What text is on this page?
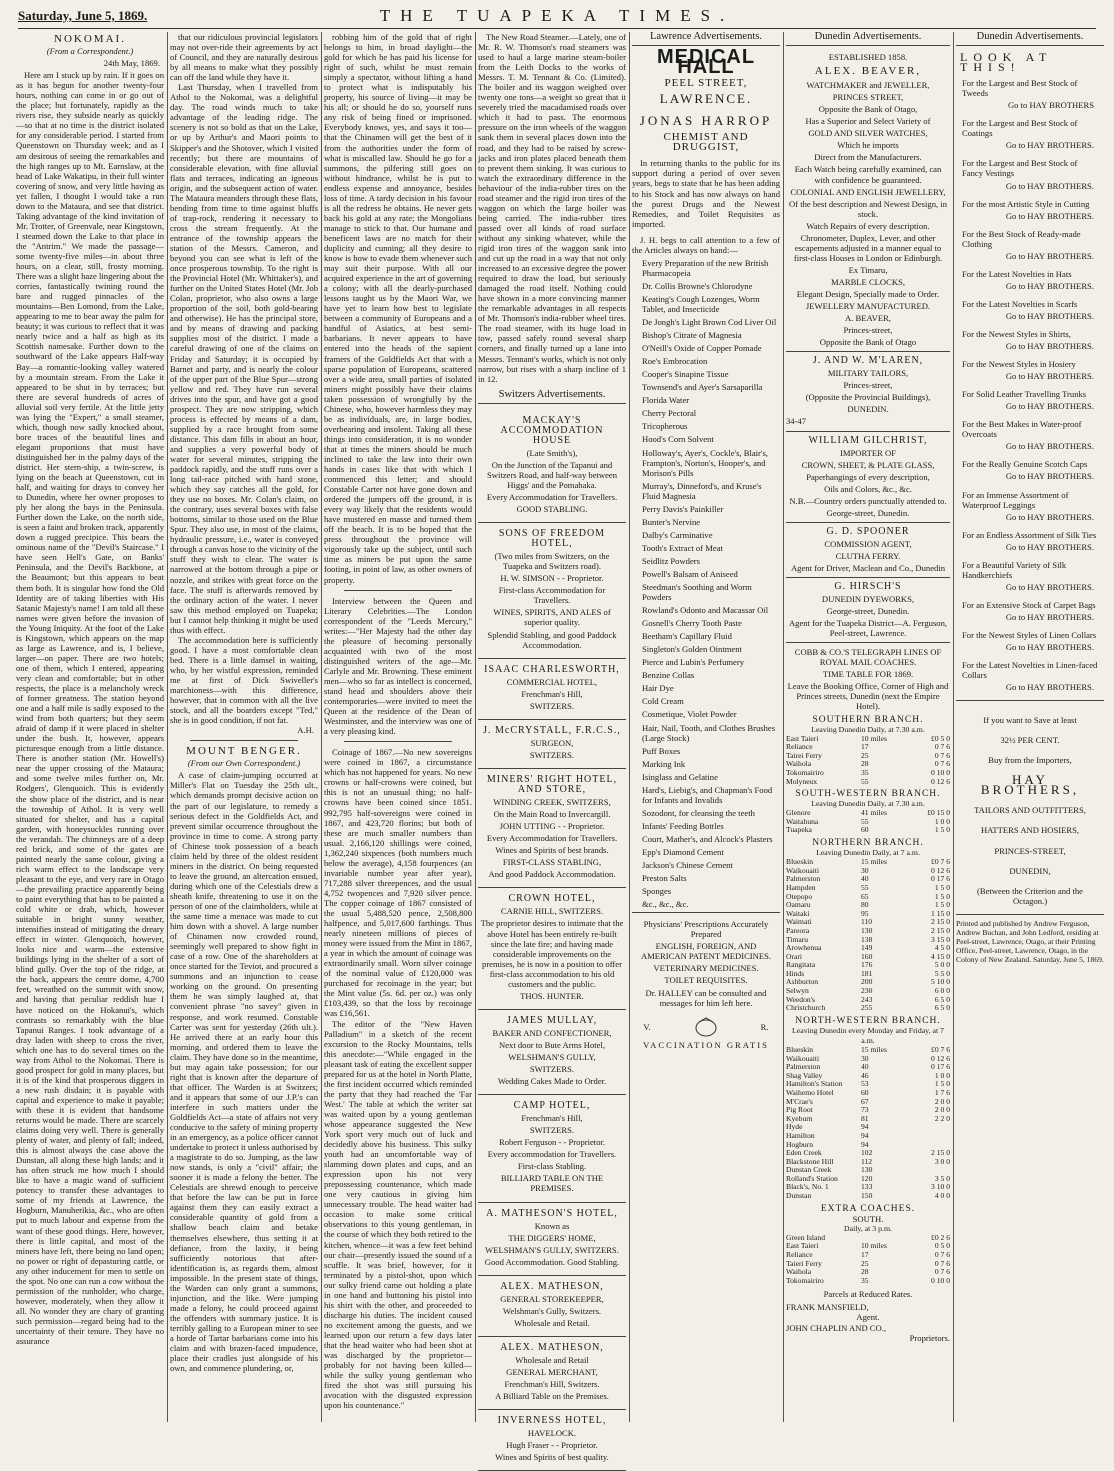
Saturday, June 5, 1869.	THE TUAPEKA TIMES.
NOKOMAI.
(From a Correspondent.)
24th May, 1869.

Here am I stuck up by rain. If it goes on as it has begun for another twenty-four hours, nothing can come in or go out of the place; but fortunately, rapidly as the rivers rise, they subside nearly as quickly—so that at no time is the district isolated for any considerable period. I started from Queenstown on Thursday week; and as I am desirous of seeing the remarkables and the high ranges up to Mt. Earnslaw, at the head of Lake Wakatipu, in their full winter covering of snow, and very little having as yet fallen, I thought I would take a run down to the Mataura, and see that district. Taking advantage of the kind invitation of Mr. Trotter, of Greenvale, near Kingstown, I steamed down the Lake to that place in the "Antrim." We made the passage—some twenty-five miles—in about three hours, on a clear, still, frosty morning. There was a slight haze lingering about the corries, fantastically twining round the bare and rugged pinnacles of the mountains—Ben Lomond, from the Lake, appearing to me to bear away the palm for beauty; it was curious to reflect that it was nearly twice and a half as high as its Scottish namesake. Further down to the southward of the Lake appears Half-way Bay—a romantic-looking valley watered by a mountain stream. From the Lake it appeared to be shut in by terraces; but there are several hundreds of acres of alluvial soil very fertile. At the little jetty was lying the "Expert," a small steamer, which, though now sadly knocked about, bore traces of the beautiful lines and elegant proportions that must have distinguished her in the palmy days of the district. Her stern-ship, a twin-screw, is lying on the beach at Queenstown, cut in half, and waiting for drays to convey her to Dunedin, where her owner proposes to ply her along the bays in the Peninsula. Further down the Lake, on the north side, is seen a faint and broken track, apparently down a rugged precipice. This bears the ominous name of the "Devil's Staircase." I have seen Hell's Gate, on Banks' Peninsula, and the Devil's Backbone, at the Beaumont; but this appears to beat them both. It is singular how fond the Old Identity are of taking liberties with His Satanic Majesty's name! I am told all these names were given before the invasion of the Young Iniquity. At the foot of the Lake is Kingstown, which appears on the map as large as Lawrence, and is, I believe, larger—on paper. There are two hotels; one of them, which I entered, appearing very clean and comfortable; but in other respects, the place is a melancholy wreck of former greatness. The station beyond one and a half mile is sadly exposed to the wind from both quarters; but they seem afraid of damp if it were placed in shelter under the bush. It, however, appears picturesque enough from a little distance. There is another station (Mr. Howell's) near the upper crossing of the Mataura; and some twelve miles further on, Mr. Rodgers', Glenquoich. This is evidently the show place of the district, and is near the township of Athol. It is very well situated for shelter, and has a capital garden, with honeysuckles running over the verandah. The chimneys are of a deep red brick, and some of the gates are painted nearly the same colour, giving a rich warm effect to the landscape very pleasant to the eye, and very rare in Otago—the prevailing practice apparently being to paint everything that has to be painted a cold white or drab, which, however suitable in bright sunny weather, intensifies instead of mitigating the dreary effect in winter. Glenquoich, however, looks nice and warm—the extensive buildings lying in the shelter of a sort of blind gully. Over the top of the ridge, at the back, appears the centre dome, 4,700 feet, wreathed on the summit with snow, and having that peculiar reddish hue I have noticed on the Hokanui's, which contrasts so remarkably with the blue Tapanui Ranges. I took advantage of a dray laden with sheep to cross the river, which one has to do several times on the way from Athol to the Nokomai. There is good prospect for gold in many places, but it is of the kind that prosperous diggers in a new rush disdain; it is payable with capital and experience to make it payable; with these it is evident that handsome returns would be made. There are scarcely claims doing very well. There is generally plenty of water, and plenty of fall; indeed, this is almost always the case above the Dunstan, all along these high lands; and it has often struck me how much I should like to have a magic wand of sufficient potency to transfer these advantages to some of my friends at Lawrence, the Hogburn, Manuherikia, &c., who are often put to much labour and expense from the want of these good things. Here, however, there is little capital, and most of the miners have left, there being no land open; no power or right of depasturing cattle, or any other inducement for men to settle on the spot. No one can run a cow without the permission of the runholder, who charge, however, moderately, when they allow it all. No wonder they are chary of granting such permission—regard being had to the uncertainty of their tenure. They have no assurance

that our ridiculous provincial legislators may not over-ride their agreements by act of Council, and they are naturally desirous by all means to make what they possibly can off the land while they have it.

Last Thursday, when I travelled from Athol to the Nokomai, was a delightful day. The road winds much to take advantage of the leading ridge. The scenery is not so bold as that on the Lake, or up by Arthur's and Maori points to Skipper's and the Shotover, which I visited recently; but there are mountains of considerable elevation, with fine alluvial flats and terraces, indicating an igneous origin, and the subsequent action of water. The Mataura meanders through these flats, bending from time to time against bluffs of trap-rock, rendering it necessary to cross the stream frequently. At the entrance of the township appears the station of the Messrs. Cameron, and beyond you can see what is left of the once prosperous township. To the right is the Provincial Hotel (Mr. Whittaker's), and further on the United States Hotel (Mr. Job Colan, proprietor, who also owns a large proportion of the soil, both gold-bearing and otherwise). He has the principal store, and by means of drawing and packing supplies most of the district. I made a careful drawing of one of the claims on Friday and Saturday; it is occupied by Barnet and party, and is nearly the colour of the upper part of the Blue Spur—strong yellow and red. They have run several drives into the spur, and have got a good prospect. They are now stripping, which process is effected by means of a dam, supplied by a race brought from some distance. This dam fills in about an hour, and supplies a very powerful body of water for several minutes, stripping the paddock rapidly, and the stuff runs over a long tail-race pitched with hard stone, which they say catches all the gold, for they use no boxes. Mr. Colan's claim, on the contrary, uses several boxes with false bottoms, similar to those used on the Blue Spur. They also use, in most of the claims, hydraulic pressure, i.e., water is conveyed through a canvas hose to the vicinity of the stuff they wish to clear. The water is narrowed at the bottom through a pipe or nozzle, and strikes with great force on the face. The stuff is afterwards removed by the ordinary action of the water. I never saw this method employed on Tuapeka; but I cannot help thinking it might be used thus with effect.

The accommodation here is sufficiently good. I have a most comfortable clean bed. There is a little damsel in waiting, who, by her wistful expression, reminded me at first of Dick Swiveller's marchioness—with this difference, however, that in common with all the live stock, and all the boarders except "Ted," she is in good condition, if not fat.

A.H.
MOUNT BENGER.
(From our Own Correspondent.)

A case of claim-jumping occurred at Miller's Flat on Tuesday the 25th ult., which demands prompt decisive action on the part of our legislature, to remedy a serious defect in the Goldfields Act, and prevent similar occurrence throughout the province in time to come. A strong party of Chinese took possession of a beach claim held by three of the oldest resident miners in the district. On being requested to leave the ground, an altercation ensued, during which one of the Celestials drew a sheath knife, threatening to use it on the person of one of the claimholders, while at the same time a menace was made to cut him down with a shovel. A large number of Chinamen now crowded round, seemingly well prepared to show fight in case of a row. One of the shareholders at once started for the Teviot, and procured a summons and an injunction to cease working on the ground. On presenting them he was simply laughed at, that convenient phrase "no savey" given in response, and work resumed. Constable Carter was sent for yesterday (26th ult.). He arrived there at an early hour this morning, and ordered them to leave the claim. They have done so in the meantime, but may again take possession; for our right that is known after the departure of that officer. The Warden is at Switzers; and it appears that some of our J.P.'s can interfere in such matters under the Goldfields Act—a state of affairs not very conducive to the safety of mining property in an emergency, as a police officer cannot undertake to protect it unless authorised by a magistrate to do so. Jumping, as the law now stands, is only a "civil" affair; the sooner it is made a felony the better. The Celestials are shrewd enough to perceive that before the law can be put in force against them they can easily extract a considerable quantity of gold from a shallow beach claim and betake themselves elsewhere, thus setting it at defiance, from the laxity, it being sufficiently notorious that after-identification is, as regards them, almost impossible. In the present state of things, the Warden can only grant a summons, injunction, and the like. Were jumping made a felony, he could proceed against the offenders with summary justice. It is terribly galling to a European miner to see a horde of Tartar barbarians come into his claim and with brazen-faced impudence, place their cradles just alongside of his own, and commence plundering, or,

robbing him of the gold that of right belongs to him, in broad daylight—the gold for which he has paid his license for right of such, whilst he must remain simply a spectator, without lifting a hand to protect what is indisputably his property, his source of living—it may be his all; or should he do so, yourself runs any risk of being fined or imprisoned. Everybody knows, yes, and says it too—that the Chinamen will get the best of it from the authorities under the form of what is miscalled law. Should he go for a summons, the pilfering still goes on without hindrance, whilst he is put to endless expense and annoyance, besides loss of time. A tardy decision in his favour is all the redress he obtains. He never gets back his gold at any rate; the Mongolians manage to stick to that. Our humane and beneficent laws are no match for their duplicity and cunning; all they desire to know is how to evade them whenever such may suit their purpose. With all our acquired experience in the art of governing a colony; with all the dearly-purchased lessons taught us by the Maori War, we have yet to learn how best to legislate between a community of Europeans and a handful of Asiatics, at best semi-barbarians. It never appears to have entered into the heads of the sapient framers of the Goldfields Act that with a sparse population of Europeans, scattered over a wide area, small parties of isolated miners might possibly have their claims taken possession of wrongfully by the Chinese, who, however harmless they may be as individuals, are, in large bodies, overbearing and insolent. Taking all these things into consideration, it is no wonder that at times the miners should be much inclined to take the law into their own hands in cases like that with which I commenced this letter; and should Constable Carter not have gone down and ordered the jumpers off the ground, it is every way likely that the residents would have mustered en masse and turned them off the beach. It is to be hoped that the press throughout the province will vigorously take up the subject, until such time as miners be put upon the same footing, in point of law, as other owners of property.

Interview between the Queen and Literary Celebrities.—The London correspondent of the "Leeds Mercury," writes:—"Her Majesty had the other day the pleasure of becoming personally acquainted with two of the most distinguished writers of the age—Mr. Carlyle and Mr. Browning. These eminent men—who so far as intellect is concerned, stand head and shoulders above their contemporaries—were invited to meet the Queen at the residence of the Dean of Westminster, and the interview was one of a very pleasing kind.

Coinage of 1867.—No new sovereigns were coined in 1867, a circumstance which has not happened for years. No new crowns or half-crowns were coined, but this is not an unusual thing; no half-crowns have been coined since 1851. 992,795 half-sovereigns were coined in 1867, and 423,720 florins; but both of these are much smaller numbers than usual. 2,166,120 shillings were coined, 1,362,240 sixpences (both numbers much below the average), 4,158 fourpences (an invariable number year after year), 717,288 silver threepences, and the usual 4,752 twopences and 7,920 silver pence. The copper coinage of 1867 consisted of the usual 5,488,520 pence, 2,508,800 halfpence, and 5,017,600 farthings. Thus nearly nineteen millions of pieces of money were issued from the Mint in 1867, a year in which the amount of coinage was extraordinarily small. Worn silver coinage of the nominal value of £120,000 was purchased for recoinage in the year; but the Mint value (5s. 6d. per oz.) was only £103,439, so that the loss by recoinage was £16,561.

The editor of the "New Haven Palladium" in a sketch of the recent excursion to the Rocky Mountains, tells this anecdote:—"While engaged in the pleasant task of eating the excellent supper prepared for us at the hotel in North Platte, the first incident occurred which reminded the party that they had reached the 'Far West.' The table at which the writer sat was waited upon by a young gentleman whose appearance suggested the New York sport very much out of luck and decidedly above his business. This sulky youth had an uncomfortable way of slamming down plates and cups, and an expression upon his not very prepossessing countenance, which made one very cautious in giving him unnecessary trouble. The head waiter had occasion to make some critical observations to this young gentleman, in the course of which they both retired to the kitchen, whence—it was a few feet behind our chair—presently issued the sound of a scuffle. It was brief, however, for it terminated by a pistol-shot, upon which our sulky friend came out holding a plate in one hand and buttoning his pistol into his shirt with the other, and proceeded to discharge his duties. The incident caused no excitement among the guests, and we learned upon our return a few days later that the head waiter who had been shot at was discharged by the proprietor—probably for not having been killed—while the sulky young gentleman who fired the shot was still pursuing his avocation with the disgusted expression upon his countenance."

The New Road Steamer.—Lately, one of Mr. R. W. Thomson's road steamers was used to haul a large marine steam-boiler from the Leith Docks to the works of Messrs. T. M. Tennant & Co. (Limited). The boiler and its waggon weighed over twenty one tons—a weight so great that it severely tried the macadamised roads over which it had to pass. The enormous pressure on the iron wheels of the waggon sank them in several places down into the road, and they had to be raised by screw-jacks and iron plates placed beneath them to prevent them sinking. It was curious to watch the extraordinary difference in the behaviour of the india-rubber tires on the road steamer and the rigid iron tires of the waggon on which the large boiler was being carried. The india-rubber tires passed over all kinds of road surface without any sinking whatever, while the rigid iron tires of the waggon sank into and cut up the road in a way that not only increased to an excessive degree the power required to draw the load, but seriously damaged the road itself. Nothing could have shown in a more convincing manner the remarkable advantages in all respects of Mr. Thomson's india-rubber wheel tires. The road steamer, with its huge load in tow, passed safely round several sharp corners, and finally turned up a lane into Messrs. Tennant's works, which is not only narrow, but rises with a sharp incline of 1 in 12.

Switzers Advertisements.
MACKAY'S ACCOMMODATION HOUSE
(Late Smith's),
On the Junction of the Tapanui and Switzers Road, and half-way between Higgs' and the Pomahaka.
Every Accommodation for Travellers.
GOOD STABLING.
SONS OF FREEDOM HOTEL,
(Two miles from Switzers, on the Tuapeka and Switzers road).
H. W. SIMSON - - Proprietor.
First-class Accommodation for Travellers.
WINES, SPIRITS, AND ALES of superior quality.
Splendid Stabling, and good Paddock Accommodation.
ISAAC CHARLESWORTH,
COMMERCIAL HOTEL,
Frenchman's Hill,
SWITZERS.
J. McCRYSTALL, F.R.C.S.,
SURGEON,
SWITZERS.
MINERS' RIGHT HOTEL, AND STORE,
WINDING CREEK, SWITZERS,
On the Main Road to Invercargill.
JOHN UTTING - - Proprietor.
Every Accommodation for Travellers.
Wines and Spirits of best brands.
FIRST-CLASS STABLING,
And good Paddock Accommodation.
CROWN HOTEL,
CARNIE HILL, SWITZERS.
The proprietor desires to intimate that the above Hotel has been entirely re-built since the late fire; and having made considerable improvements on the premises, he is now in a position to offer first-class accommodation to his old customers and the public.
THOS. HUNTER.
JAMES MULLAY,
BAKER AND CONFECTIONER,
Next door to Bute Arms Hotel,
WELSHMAN'S GULLY,
SWITZERS.
Wedding Cakes Made to Order.
CAMP HOTEL,
Frenchman's Hill,
SWITZERS.
Robert Ferguson - - Proprietor.
Every accommodation for Travellers.
First-class Stabling.
BILLIARD TABLE ON THE PREMISES.
A. MATHESON'S HOTEL,
Known as
THE DIGGERS' HOME,
WELSHMAN'S GULLY, SWITZERS.
Good Accommodation. Good Stabling.
ALEX. MATHESON,
GENERAL STOREKEEPER,
Welshman's Gully, Switzers.
Wholesale and Retail.
ALEX. MATHESON,
Wholesale and Retail
GENERAL MERCHANT,
Frenchman's Hill, Switzers.
A Billiard Table on the Premises.
INVERNESS HOTEL,
HAVELOCK.
Hugh Fraser - - Proprietor.
Wines and Spirits of best quality.
Lawrence Advertisements.
MEDICAL HALL
PEEL STREET,
LAWRENCE.
JONAS HARROP
CHEMIST AND DRUGGIST,

In returning thanks to the public for its support during a period of over seven years, begs to state that he has been adding to his Stock and has now always on hand the purest Drugs and the Newest Remedies, and Toilet Requisites as imported.

J. H. begs to call attention to a few of the Articles always on hand:—

Every Preparation of the new British Pharmacopeia
Dr. Collis Browne's Chlorodyne
Keating's Cough Lozenges, Worm Tablet, and Insecticide
De Jongh's Light Brown Cod Liver Oil
Bishop's Citrate of Magnesia
O'Neill's Oxide of Copper Pomade
Roe's Embrocation
Cooper's Sinapine Tissue
Townsend's and Ayer's Sarsaparilla
Florida Water
Cherry Pectoral
Tricopherous
Hood's Corn Solvent
Holloway's, Ayer's, Cockle's, Blair's, Frampton's, Norton's, Hooper's, and Morison's Pills
Murray's, Dinneford's, and Kruse's Fluid Magnesia
Perry Davis's Painkiller
Bunter's Nervine
Dalby's Carminative
Tooth's Extract of Meat
Seidlitz Powders
Powell's Balsam of Aniseed
Steedman's Soothing and Worm Powders
Rowland's Odonto and Macassar Oil
Gosnell's Cherry Tooth Paste
Beetham's Capillary Fluid
Singleton's Golden Ointment
Pierce and Lubin's Perfumery
Benzine Collas
Hair Dye
Cold Cream
Cosmetique, Violet Powder
Hair, Nail, Tooth, and Clothes Brushes (Large Stock)
Puff Boxes
Marking Ink
Isinglass and Gelatine
Hard's, Liebig's, and Chapman's Food for Infants and Invalids
Sozodont, for cleansing the teeth
Infants' Feeding Bottles
Court, Mather's, and Alcock's Plasters
Epp's Diamond Cement
Jackson's Chinese Cement
Preston Salts
Sponges
&c., &c., &c.
Physicians' Prescriptions Accurately Prepared
ENGLISH, FOREIGN, AND AMERICAN PATENT MEDICINES.
VETERINARY MEDICINES.
TOILET REQUISITES.
Dr. HALLEY can be consulted and messages for him left here.
V.	R.
VACCINATION GRATIS
Dunedin Advertisements.
LOOK AT THIS!
For the Largest and Best Stock of Tweeds
Go to HAY BROTHERS
For the Largest and Best Stock of Coatings
Go to HAY BROTHERS.
For the Largest and Best Stock of Fancy Vestings
Go to HAY BROTHERS.
For the most Artistic Style in Cutting
Go to HAY BROTHERS.
For the Best Stock of Ready-made Clothing
Go to HAY BROTHERS.
For the Latest Novelties in Hats
Go to HAY BROTHERS.
For the Latest Novelties in Scarfs
Go to HAY BROTHERS.
For the Newest Styles in Shirts,
Go to HAY BROTHERS.
For the Newest Styles in Hosiery
Go to HAY BROTHERS.
For Solid Leather Travelling Trunks
Go to HAY BROTHERS.
For the Best Makes in Water-proof Overcoats
Go to HAY BROTHERS.
For the Really Genuine Scotch Caps
Go to HAY BROTHERS.
For an Immense Assortment of Waterproof Leggings
Go to HAY BROTHERS.
For an Endless Assortment of Silk Ties
Go to HAY BROTHERS.
For a Beautiful Variety of Silk Handkerchiefs
Go to HAY BROTHERS.
For an Extensive Stock of Carpet Bags
Go to HAY BROTHERS.
For the Newest Styles of Linen Collars
Go to HAY BROTHERS.
For the Latest Novelties in Linen-faced Collars
Go to HAY BROTHERS.
If you want to Save at least
32½ PER CENT.
Buy from the Importers,
HAY BROTHERS,
TAILORS AND OUTFITTERS,
HATTERS AND HOSIERS,
PRINCES-STREET,
DUNEDIN,
(Between the Criterion and the Octagon.)
Printed and published by Andrew Ferguson, Andrew Buchan, and John Ledford, residing at Peel-street, Lawrence, Otago, at their Printing Office, Peel-street, Lawrence, Otago, in the Colony of New Zealand. Saturday, June 5, 1869.
Dunedin Advertisements.
ESTABLISHED 1858.
ALEX. BEAVER,
WATCHMAKER and JEWELLER,
PRINCES STREET,
Opposite the Bank of Otago,
Has a Superior and Select Variety of
GOLD AND SILVER WATCHES,
Which he imports
Direct from the Manufacturers.
Each Watch being carefully examined, can with confidence be guaranteed.
COLONIAL AND ENGLISH JEWELLERY,
Of the best description and Newest Design, in stock.
Watch Repairs of every description.
Chronometer, Duplex, Lever, and other escapements adjusted in a manner equal to first-class Houses in London or Edinburgh.
Ex Timaru,
MARBLE CLOCKS,
Elegant Design, Specially made to Order.
JEWELLERY MANUFACTURED.
A. BEAVER,
Princes-street,
Opposite the Bank of Otago
J. AND W. M'LAREN,
MILITARY TAILORS,
Princes-street,
(Opposite the Provincial Buildings),
DUNEDIN.
34-47
WILLIAM GILCHRIST,
IMPORTER OF
CROWN, SHEET, & PLATE GLASS,
Paperhangings of every description,
Oils and Colors, &c., &c.
N.B.—Country orders punctually attended to.
George-street, Dunedin.
G. D. SPOONER
COMMISSION AGENT,
CLUTHA FERRY.
Agent for Driver, Maclean and Co., Dunedin
G. HIRSCH'S
DUNEDIN DYEWORKS,
George-street, Dunedin.
Agent for the Tuapeka District—A. Ferguson, Peel-street, Lawrence.
COBB & CO.'S TELEGRAPH LINES OF ROYAL MAIL COACHES.
TIME TABLE FOR 1869.
Leave the Booking Office, Corner of High and Princes streets, Dunedin (next the Empire Hotel).
SOUTHERN BRANCH.
Leaving Dunedin Daily, at 7.30 a.m.
East Taieri	10 miles	£0 5 0
Reliance	17	0 7 6
Tairei Ferry	25	0 7 6
Waihola	28	0 7 6
Tokomairiro	35	0 10 0
Molyneux	55	0 12 6
SOUTH-WESTERN BRANCH.
Leaving Dunedin Daily, at 7.30 a.m.
Glenore	41 miles	£0 15 0
Waitahuna	55	1 0 0
Tuapeka	60	1 5 0
NORTHERN BRANCH.
Leaving Dunedin Daily, at 7 a.m.
Blueskin	15 miles	£0 7 6
Waikouaiti	30	0 12 6
Palmerston	40	0 17 6
Hampden	55	1 5 0
Otepopo	65	1 5 0
Oamaru	80	1 5 0
Waitaki	95	1 15 0
Waimati	110	2 15 0
Pareora	130	2 15 0
Timaru	138	3 15 0
Arowhenua	149	4 5 0
Orari	160	4 15 0
Rangitata	176	5 0 0
Hinds	181	5 5 0
Ashburton	200	5 10 0
Selwyn	230	6 0 0
Weedon's	243	6 5 0
Christchurch	255	6 5 0
NORTH-WESTERN BRANCH.
Leaving Dunedin every Monday and Friday, at 7 a.m.
Blueskin	15 miles	£0 7 6
Waikouaiti	30	0 12 6
Palmerston	40	0 17 6
Shag Valley	46	1 0 0
Hamilton's Station	53	1 5 0
Waihemo Hotel	60	1 7 6
M'Crae's	67	2 0 0
Pig Root	73	2 0 0
Kyeburn	81	2 2 0
Hyde	94
Hamilton	94
Hogburn	94
Eden Creek	102	2 15 0
Blackstone Hill	112	3 0 0
Dunstan Creek	130
Rolland's Station	120	3 5 0
Black's, No. 1	133	3 10 0
Dunstan	150	4 0 0
EXTRA COACHES.
SOUTH.
Daily, at 3 p.m.
Green Island	£0 2 6
East Taieri	10 miles	0 5 0
Reliance	17	0 7 6
Taieri Ferry	25	0 7 6
Waihola	28	0 7 6
Tokomairiro	35	0 10 0
Parcels at Reduced Rates.
FRANK MANSFIELD,
Agent.
JOHN CHAPLIN AND CO.,
Proprietors.
